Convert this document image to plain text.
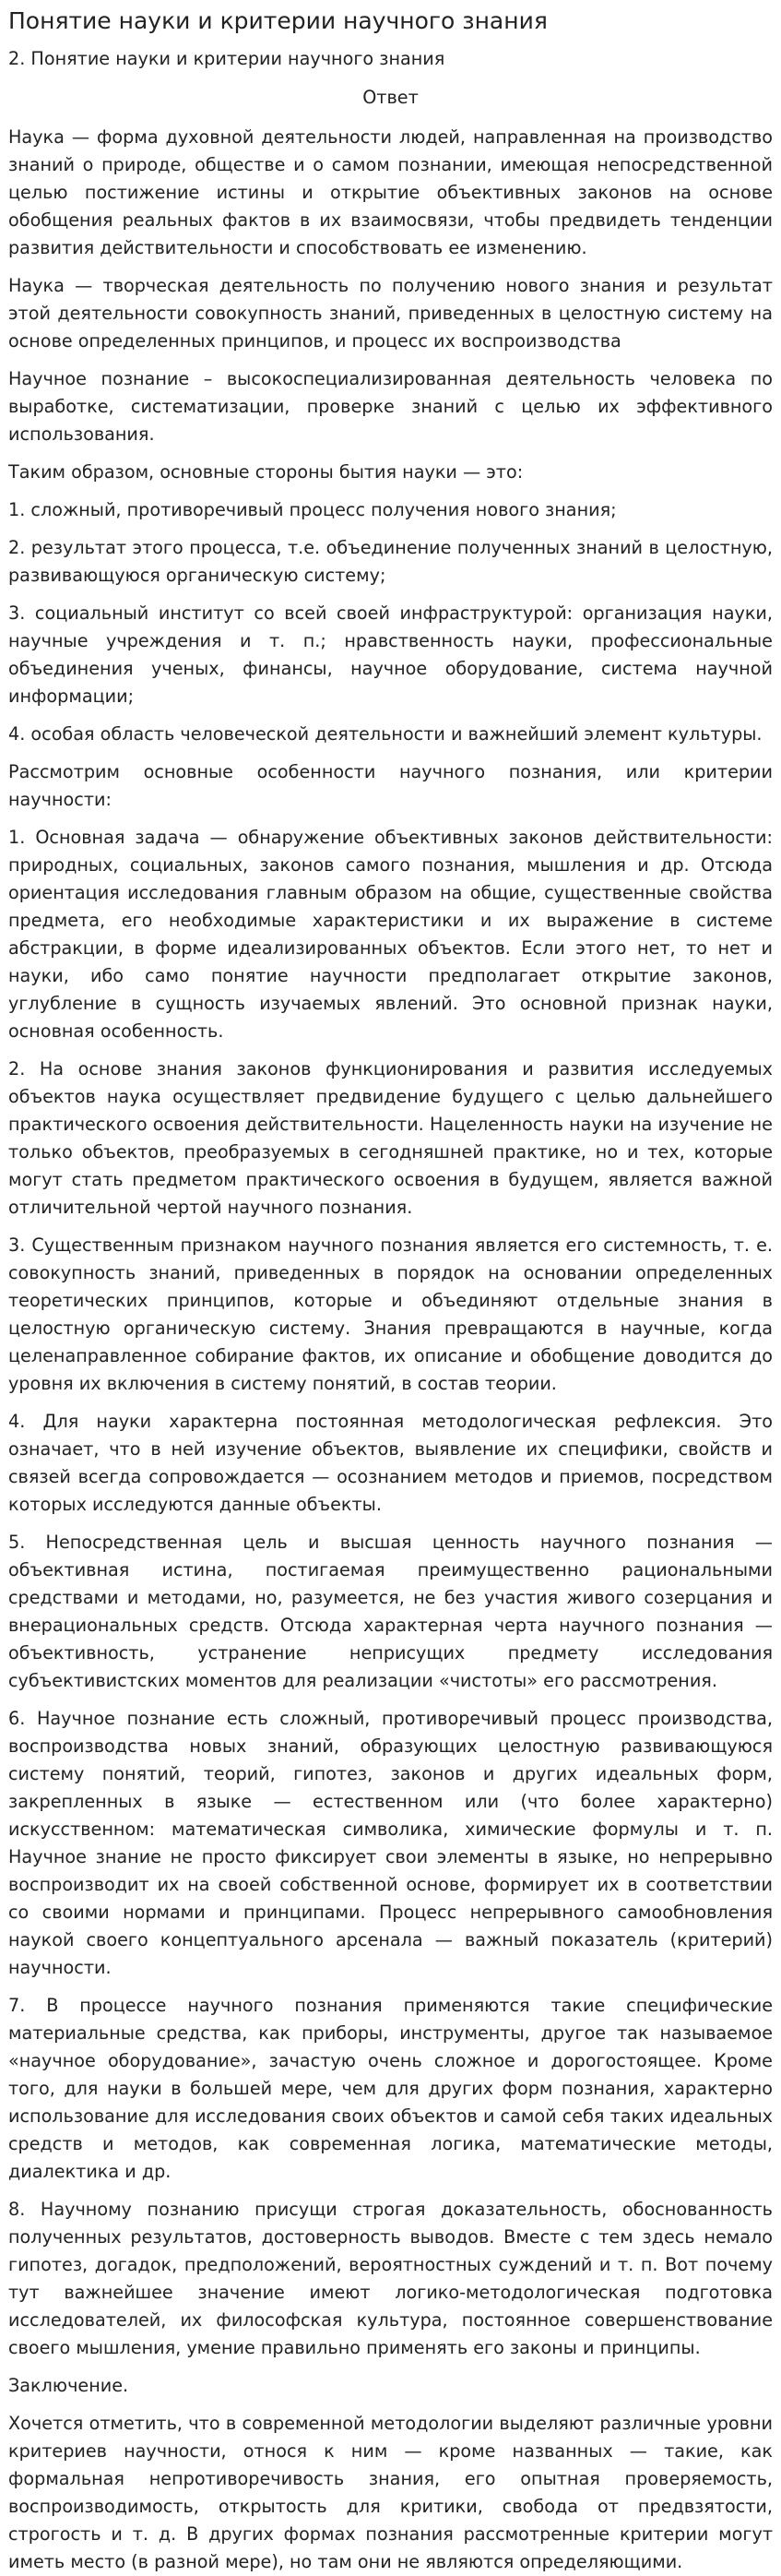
Понятие науки и критерии научного знания
2. Понятие науки и критерии научного знания
Ответ

Наука — форма духовной деятельности людей, направленная на производство знаний о природе, обществе и о самом познании, имеющая непосредственной целью постижение истины и открытие объективных законов на основе обобщения реальных фактов в их взаимосвязи, чтобы предвидеть тенденции развития действительности и способствовать ее изменению.

Наука — творческая деятельность по получению нового знания и результат этой деятельности совокупность знаний, приведенных в целостную систему на основе определенных принципов, и процесс их воспроизводства

Научное познание – высокоспециализированная деятельность человека по выработке, систематизации, проверке знаний с целью их эффективного использования.

Таким образом, основные стороны бытия науки — это:

1. сложный, противоречивый процесс получения нового знания;

2. результат этого процесса, т.е. объединение полученных знаний в целостную, развивающуюся органическую систему;

3. социальный институт со всей своей инфраструктурой: организация науки, научные учреждения и т. п.; нравственность науки, профессиональные объединения ученых, финансы, научное оборудование, система научной информации;

4. особая область человеческой деятельности и важнейший элемент культуры.

Рассмотрим основные особенности научного познания, или критерии научности:

1. Основная задача — обнаружение объективных законов действительности: природных, социальных, законов самого познания, мышления и др. Отсюда ориентация исследования главным образом на общие, существенные свойства предмета, его необходимые характеристики и их выражение в системе абстракции, в форме идеализированных объектов. Если этого нет, то нет и науки, ибо само понятие научности предполагает открытие законов, углубление в сущность изучаемых явлений. Это основной признак науки, основная особенность.

2. На основе знания законов функционирования и развития исследуемых объектов наука осуществляет предвидение будущего с целью дальнейшего практического освоения действительности. Нацеленность науки на изучение не только объектов, преобразуемых в сегодняшней практике, но и тех, которые могут стать предметом практического освоения в будущем, является важной отличительной чертой научного познания.

3. Существенным признаком научного познания является его системность, т. е. совокупность знаний, приведенных в порядок на основании определенных теоретических принципов, которые и объединяют отдельные знания в целостную органическую систему. Знания превращаются в научные, когда целенаправленное собирание фактов, их описание и обобщение доводится до уровня их включения в систему понятий, в состав теории.

4. Для науки характерна постоянная методологическая рефлексия. Это означает, что в ней изучение объектов, выявление их специфики, свойств и связей всегда сопровождается — осознанием методов и приемов, посредством которых исследуются данные объекты.

5. Непосредственная цель и высшая ценность научного познания — объективная истина, постигаемая преимущественно рациональными средствами и методами, но, разумеется, не без участия живого созерцания и внерациональных средств. Отсюда характерная черта научного познания — объективность, устранение неприсущих предмету исследования субъективистских моментов для реализации «чистоты» его рассмотрения.

6. Научное познание есть сложный, противоречивый процесс производства, воспроизводства новых знаний, образующих целостную развивающуюся систему понятий, теорий, гипотез, законов и других идеальных форм, закрепленных в языке — естественном или (что более характерно) искусственном: математическая символика, химические формулы и т. п. Научное знание не просто фиксирует свои элементы в языке, но непрерывно воспроизводит их на своей собственной основе, формирует их в соответствии со своими нормами и принципами. Процесс непрерывного самообновления наукой своего концептуального арсенала — важный показатель (критерий) научности.

7. В процессе научного познания применяются такие специфические материальные средства, как приборы, инструменты, другое так называемое «научное оборудование», зачастую очень сложное и дорогостоящее. Кроме того, для науки в большей мере, чем для других форм познания, характерно использование для исследования своих объектов и самой себя таких идеальных средств и методов, как современная логика, математические методы, диалектика и др.

8. Научному познанию присущи строгая доказательность, обоснованность полученных результатов, достоверность выводов. Вместе с тем здесь немало гипотез, догадок, предположений, вероятностных суждений и т. п. Вот почему тут важнейшее значение имеют логико-методологическая подготовка исследователей, их философская культура, постоянное совершенствование своего мышления, умение правильно применять его законы и принципы.

Заключение.

Хочется отметить, что в современной методологии выделяют различные уровни критериев научности, относя к ним — кроме названных — такие, как формальная непротиворечивость знания, его опытная проверяемость, воспроизводимость, открытость для критики, свобода от предвзятости, строгость и т. д. В других формах познания рассмотренные критерии могут иметь место (в разной мере), но там они не являются определяющими.
